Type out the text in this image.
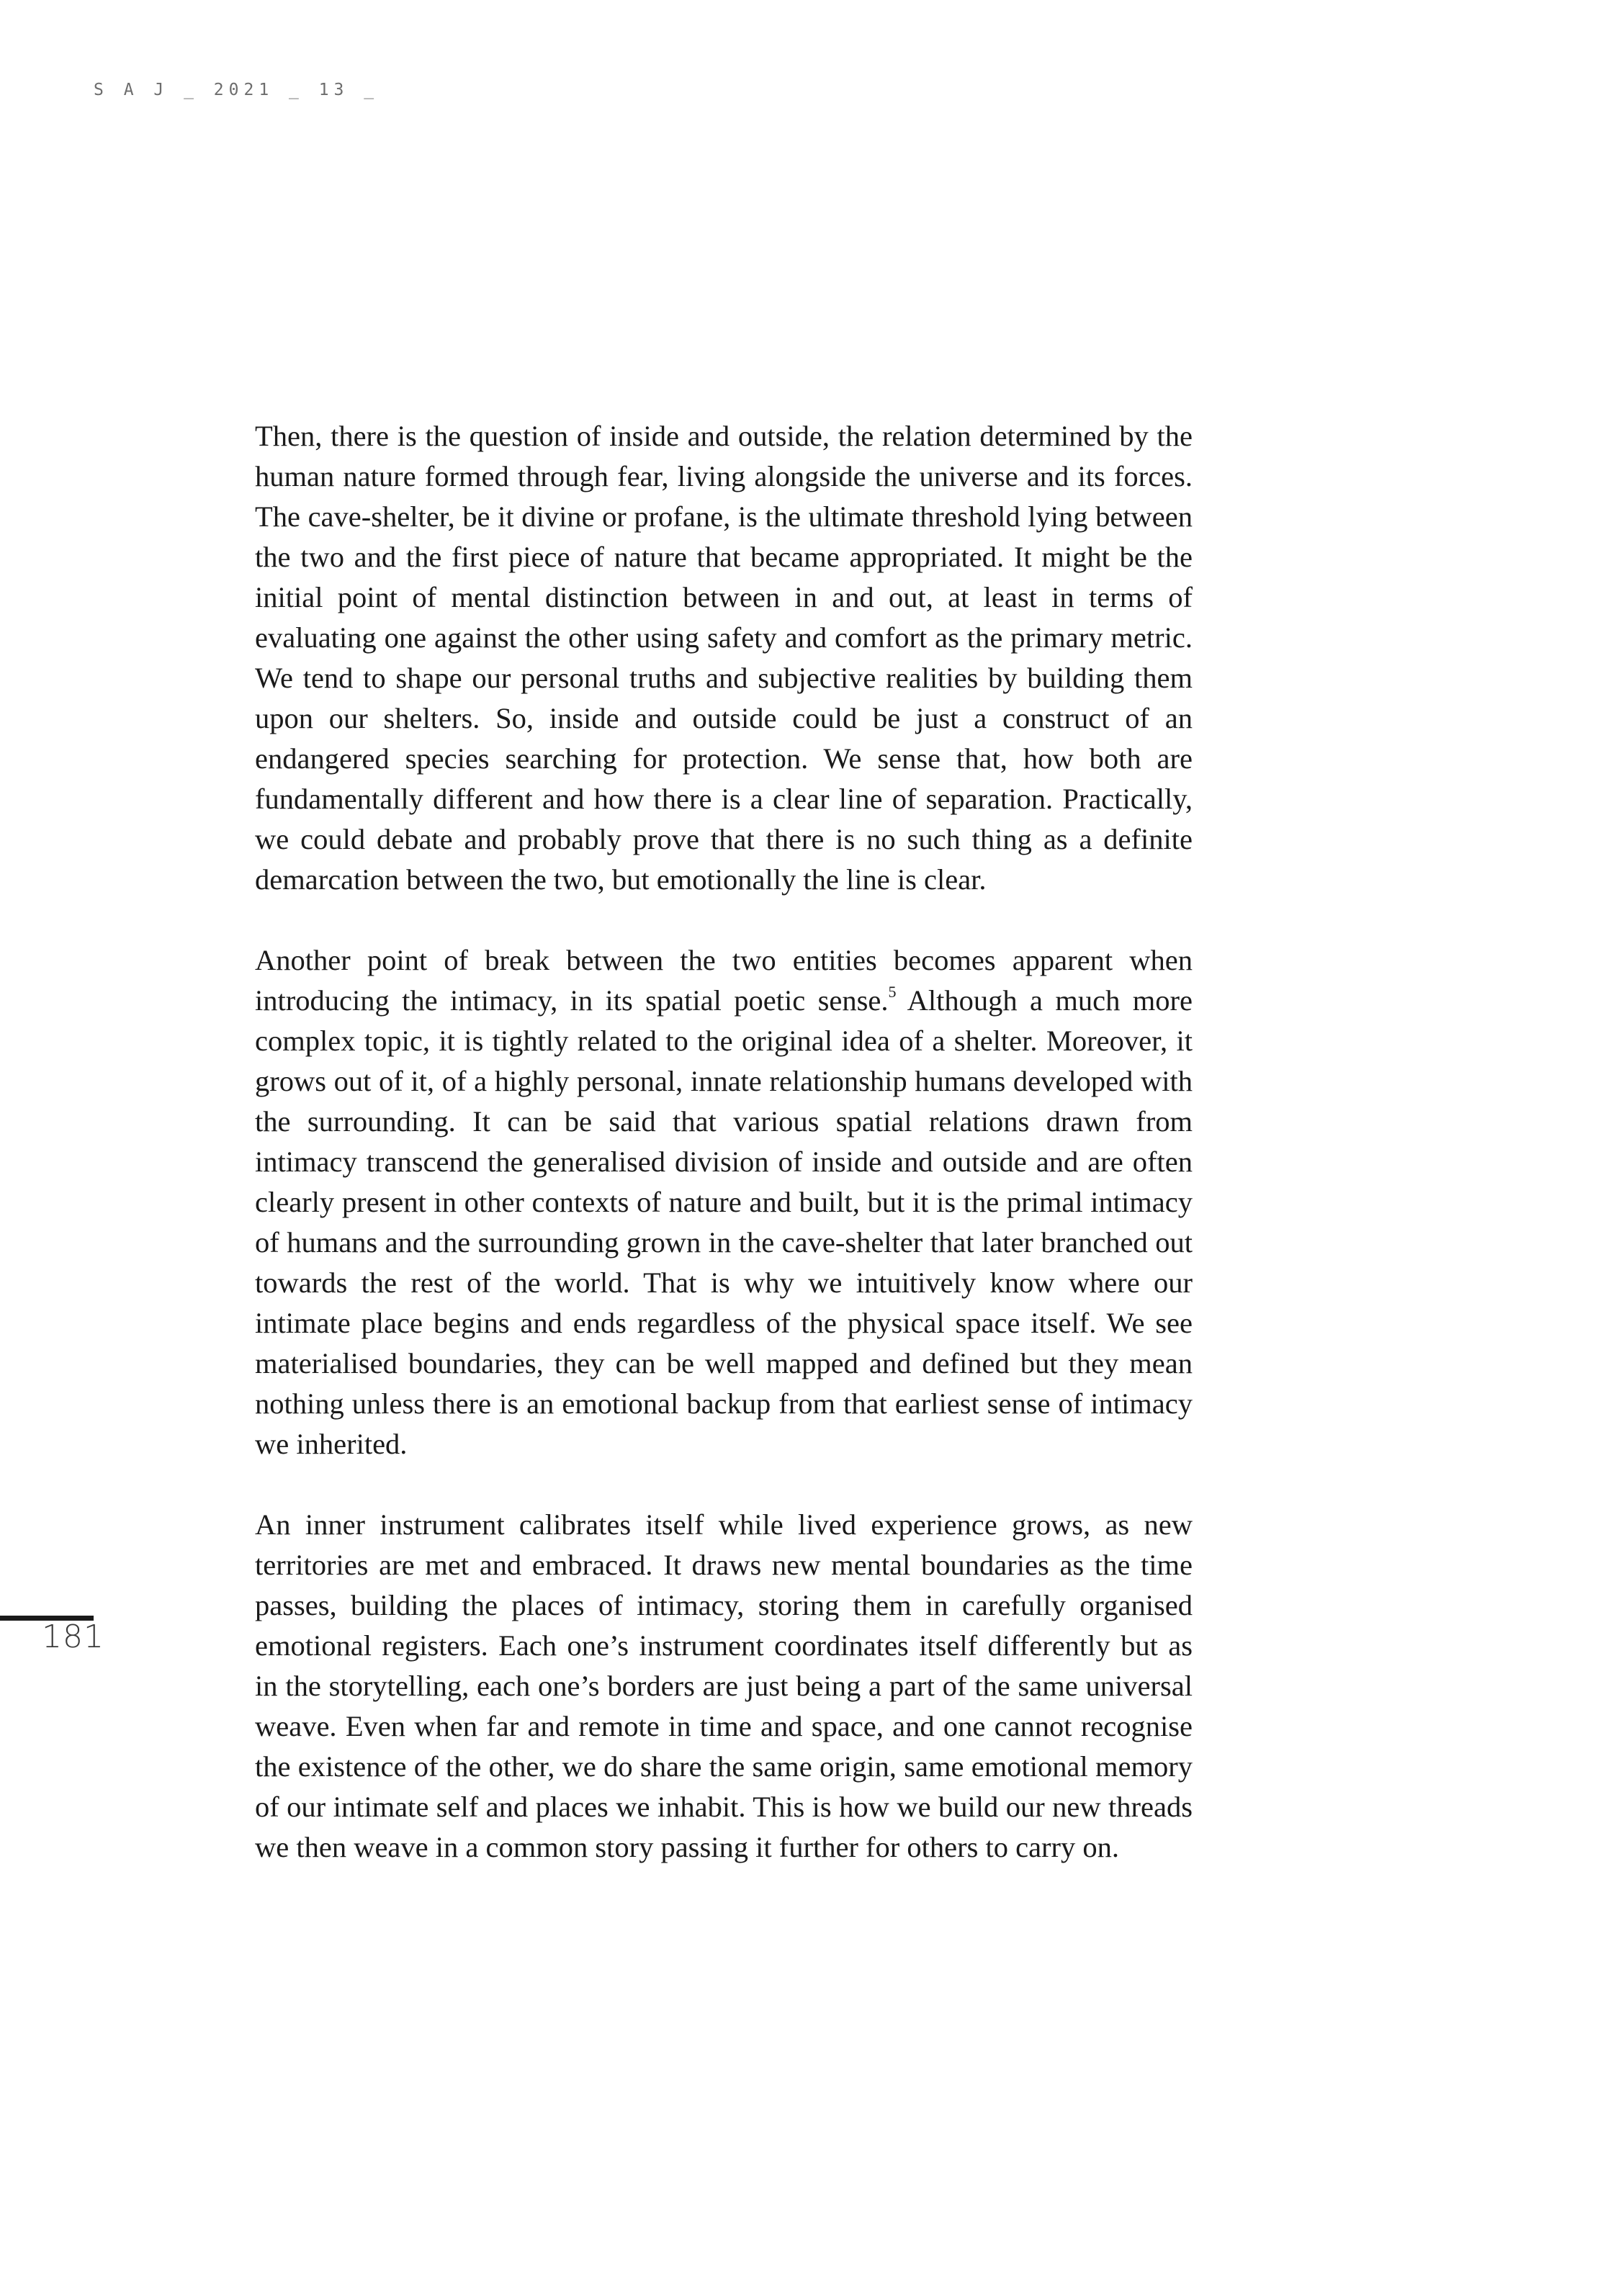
S A J _ 2021 _ 13 _

Then, there is the question of inside and outside, the relation determined by the human nature formed through fear, living alongside the universe and its forces. The cave-shelter, be it divine or profane, is the ultimate threshold lying between the two and the first piece of nature that became appropriated. It might be the initial point of mental distinction between in and out, at least in terms of evaluating one against the other using safety and comfort as the primary metric. We tend to shape our personal truths and subjective realities by building them upon our shelters. So, inside and outside could be just a construct of an endangered species searching for protection. We sense that, how both are fundamentally different and how there is a clear line of separation. Practically, we could debate and probably prove that there is no such thing as a definite demarcation between the two, but emotionally the line is clear.

Another point of break between the two entities becomes apparent when introducing the intimacy, in its spatial poetic sense.$^5$ Although a much more complex topic, it is tightly related to the original idea of a shelter. Moreover, it grows out of it, of a highly personal, innate relationship humans developed with the surrounding. It can be said that various spatial relations drawn from intimacy transcend the generalised division of inside and outside and are often clearly present in other contexts of nature and built, but it is the primal intimacy of humans and the surrounding grown in the cave-shelter that later branched out towards the rest of the world. That is why we intuitively know where our intimate place begins and ends regardless of the physical space itself. We see materialised boundaries, they can be well mapped and defined but they mean nothing unless there is an emotional backup from that earliest sense of intimacy we inherited.

An inner instrument calibrates itself while lived experience grows, as new territories are met and embraced. It draws new mental boundaries as the time passes, building the places of intimacy, storing them in carefully organised emotional registers. Each one’s instrument coordinates itself differently but as in the storytelling, each one’s borders are just being a part of the same universal weave. Even when far and remote in time and space, and one cannot recognise the existence of the other, we do share the same origin, same emotional memory of our intimate self and places we inhabit. This is how we build our new threads we then weave in a common story passing it further for others to carry on.

181
